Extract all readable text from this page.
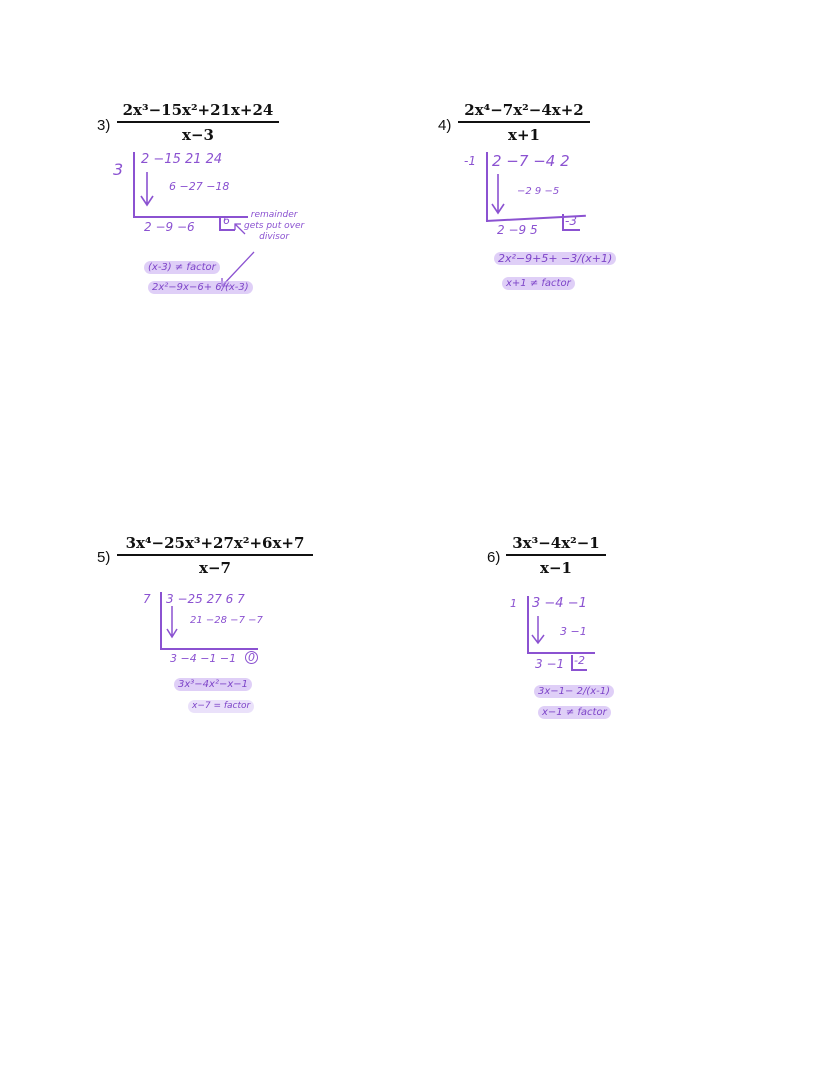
3)
2x³−15x²+21x+24
x−3
3
2 −15 21 24
6 −27 −18
2 −9 −6	6	remainder
gets put over
divisor
(x-3) ≠ factor
2x²−9x−6+ 6/(x-3)
4)
2x⁴−7x²−4x+2
x+1
-1 2 −7 −4 2
−2 9 −5
2 −9 5
-3
2x²−9+5+ −3/(x+1)
x+1 ≠ factor
5)
3x⁴−25x³+27x²+6x+7
x−7
7 3 −25 27 6 7
21 −28 −7 −7
3 −4 −1 −1 0
3x³−4x²−x−1
x−7 = factor
6)
3x³−4x²−1
x−1
1 3 −4 −1
3 −1
3 −1 -2
3x−1− 2/(x-1)
x−1 ≠ factor
